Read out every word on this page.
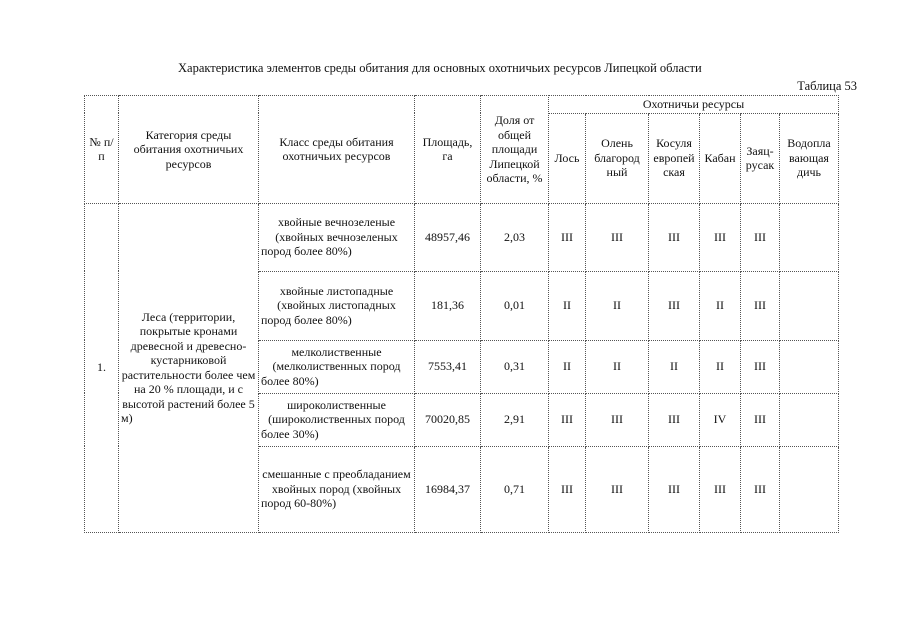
Характеристика элементов среды обитания для основных охотничьих ресурсов Липецкой области
Таблица 53
№ п/п	Категория среды обитания охотничьих ресурсов	Класс среды обитания охотничьих ресурсов	Площадь, га	Доля от общей площади Липецкой области, %	Охотничьи ресурсы					
					Лось	Олень благород ный	Косуля европей ская	Кабан	Заяц-русак	Водопла вающая дичь
1.	Леса (территории, покрытые кронами древесной и древесно-кустарниковой растительности более чем на 20 % площади, и с высотой растений более 5 м)	хвойные вечнозеленые (хвойных вечнозеленых пород более 80%)	48957,46	2,03	III	III	III	III	III	
		хвойные листопадные (хвойных листопадных пород более 80%)	181,36	0,01	II	II	III	II	III	
		мелколиственные (мелколиственных пород более 80%)	7553,41	0,31	II	II	II	II	III	
		широколиственные (широколиственных пород более 30%)	70020,85	2,91	III	III	III	IV	III	
		смешанные с преобладанием хвойных пород (хвойных пород 60-80%)	16984,37	0,71	III	III	III	III	III	
